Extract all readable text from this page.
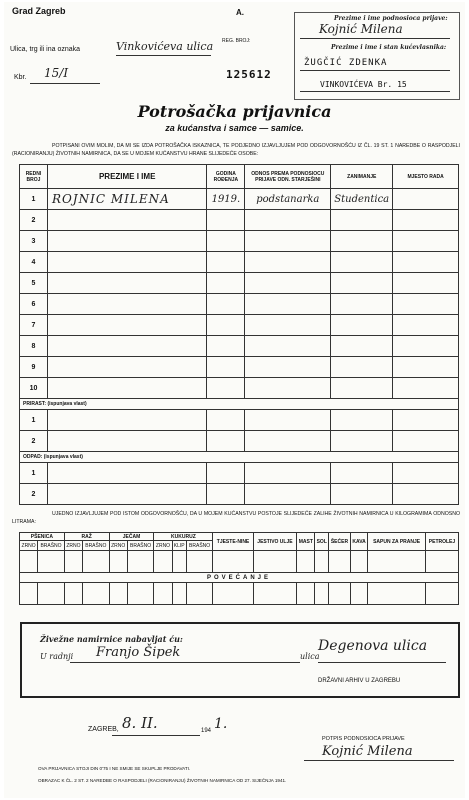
Grad Zagreb	A.
Ulica, trg ili ina oznaka	Vinkovićeva ulica
Kbr. 15/I
REG. BROJ:
125612
Prezime i ime podnosioca prijave:
Kojnić Milena
Prezime i ime i stan kućevlasnika:
ŽUGČIĆ ZDENKA
VINKOVIĆEVA Br. 15
Potrošačka prijavnica
za kućanstva i samce — samice.
POTPISANI OVIM MOLIM, DA MI SE IZDA POTROŠAČKA ISKAZNICA, TE PODJEDNO IZJAVLJUJEM POD ODGOVORNOŠĆU IZ ČL. 19 ST. 1 NAREDBE O RASPODJELI (RACIONIRANJU) ŽIVOTNIH NAMIRNICA, DA SE U MOJEM KUĆANSTVU HRANE SLIJEDEĆE OSOBE:
REDNI BROJ	PREZIME I IME	GODINA ROĐENJA	ODNOS PREMA PODNOSIOCU PRIJAVE ODN. STARJEŠINI	ZANIMANJE	MJESTO RADA
1	ROJNIC MILENA	1919.	podstanarka	Studentica	
2					
3					
4					
5					
6					
7					
8					
9					
10					
PRIRAST: (ispunjava vlast)					
1					
2					
ODPAD: (ispunjava vlast)					
1					
2					
UJEDNO IZJAVLJUJEM POD ISTOM ODGOVORNOŠĆU, DA U MOJEM KUĆANSTVU POSTOJE SLIJEDEĆE ZALIHE ŽIVOTNIH NAMIRNICA U KILOGRAMIMA ODNOSNO LITRAMA:
PŠENICA		RAŽ		JEČAM		KUKURUZ			TJESTE-NINE	JESTIVO ULJE	MAST	SOL	ŠEĆER	KAVA	SAPUN ZA PRANJE	PETROLEJ
ZRNO	BRAŠNO	ZRNO	BRAŠNO	ZRNO	BRAŠNO	ZRNO	KLIP	BRAŠNO								

POVEĆANJE																

Živežne namirnice nabavljat ću:
U radnji Franjo Šipek	ulica
Degenova ulica
DRŽAVNI ARHIV U ZAGREBU
ZAGREB, 8. II.	194 1.
POTPIS PODNOSIOCA PRIJAVE
Kojnić Milena
OVA PRIJAVNICA STOJI DIN 0'75 I NE SMIJE SE SKUPLJE PRODAVATI.
OBRAZAC K ČL. 2 ST. 2 NAREDBE O RASPODJELI (RACIONIRANJU) ŽIVOTNIH NAMIRNICA OD 27. SIJEČNJA 1941.
